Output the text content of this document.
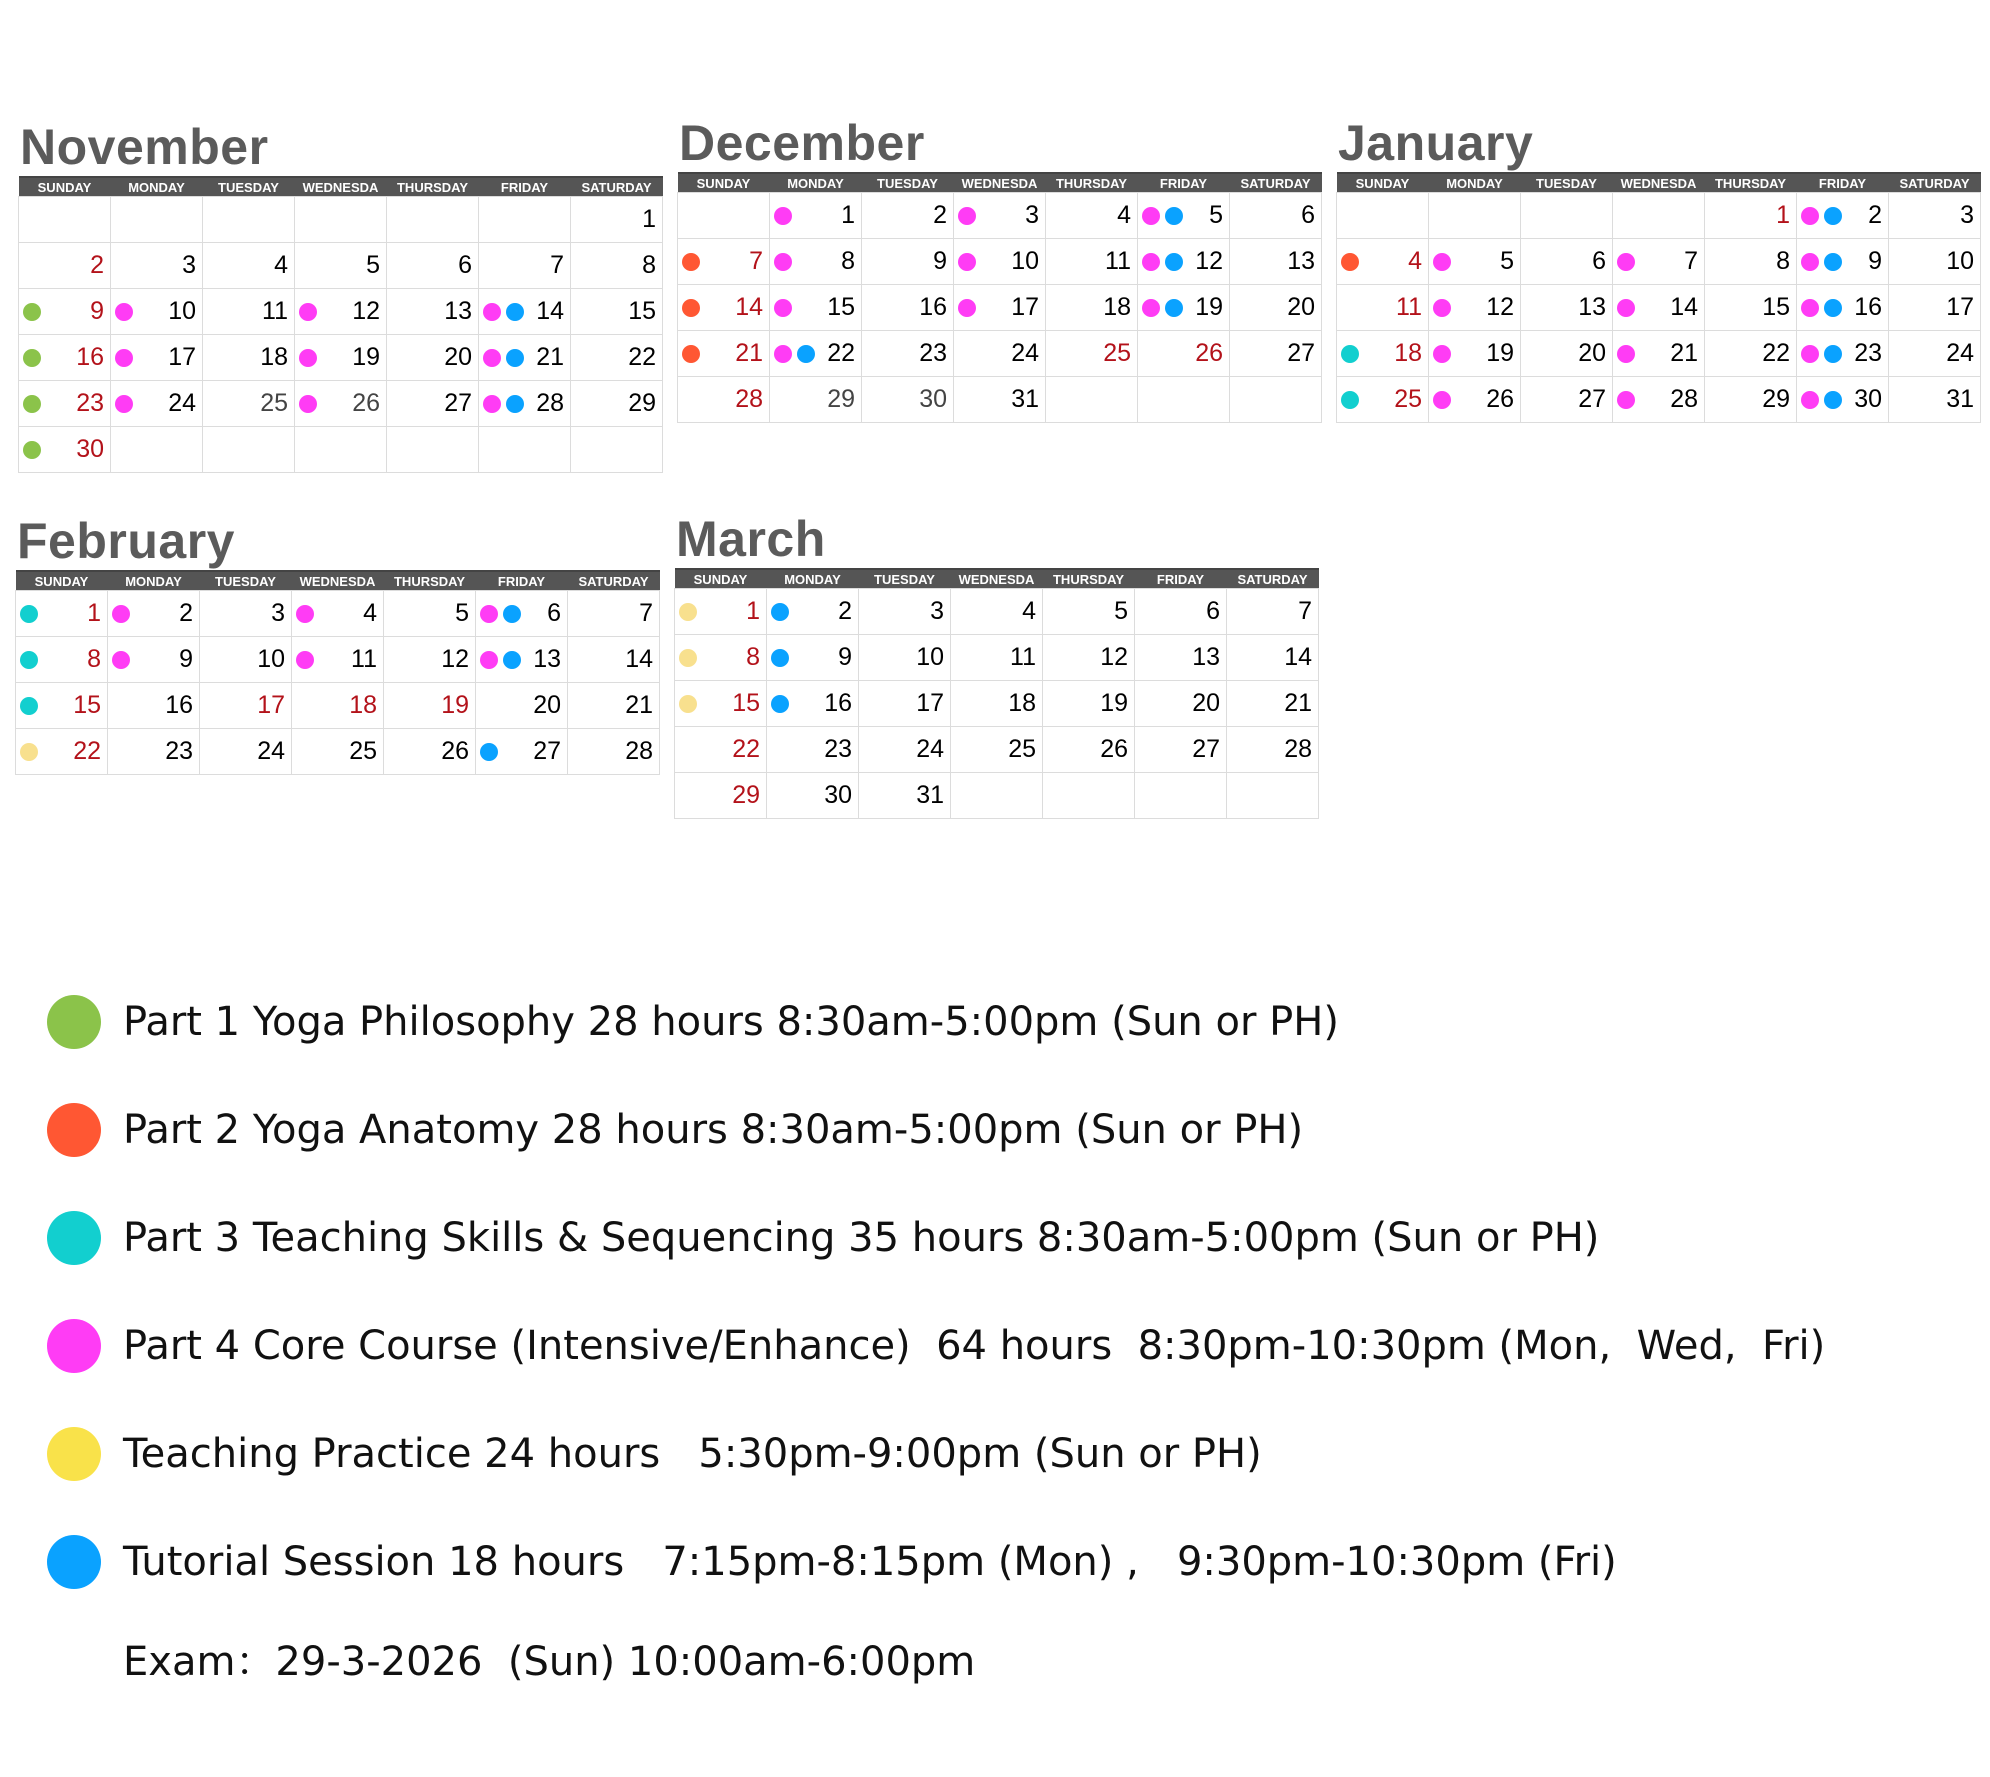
November
SUNDAY	MONDAY	TUESDAY	WEDNESDA	THURSDAY	FRIDAY	SATURDAY

						1

2	3	4	5	6	7	8

9	10	11	12	13	14	15

16	17	18	19	20	21	22

23	24	25	26	27	28	29

30						

December
SUNDAY	MONDAY	TUESDAY	WEDNESDA	THURSDAY	FRIDAY	SATURDAY

	1	2	3	4	5	6

7	8	9	10	11	12	13

14	15	16	17	18	19	20

21	22	23	24	25	26	27

28	29	30	31			

January
SUNDAY	MONDAY	TUESDAY	WEDNESDA	THURSDAY	FRIDAY	SATURDAY

				1	2	3

4	5	6	7	8	9	10

11	12	13	14	15	16	17

18	19	20	21	22	23	24

25	26	27	28	29	30	31
February
SUNDAY	MONDAY	TUESDAY	WEDNESDA	THURSDAY	FRIDAY	SATURDAY

1	2	3	4	5	6	7

8	9	10	11	12	13	14

15	16	17	18	19	20	21

22	23	24	25	26	27	28
March
SUNDAY	MONDAY	TUESDAY	WEDNESDA	THURSDAY	FRIDAY	SATURDAY

1	2	3	4	5	6	7

8	9	10	11	12	13	14

15	16	17	18	19	20	21

22	23	24	25	26	27	28

29	30	31				

Part 1 Yoga Philosophy 28 hours 8:30am-5:00pm (Sun or PH)
Part 2 Yoga Anatomy 28 hours 8:30am-5:00pm (Sun or PH)
Part 3 Teaching Skills & Sequencing 35 hours 8:30am-5:00pm (Sun or PH)
Part 4 Core Course (Intensive/Enhance)  64 hours  8:30pm-10:30pm (Mon,  Wed,  Fri)
Teaching Practice 24 hours   5:30pm-9:00pm (Sun or PH)
Tutorial Session 18 hours   7:15pm-8:15pm (Mon) ,   9:30pm-10:30pm (Fri)
Exam：29-3-2026  (Sun) 10:00am-6:00pm
